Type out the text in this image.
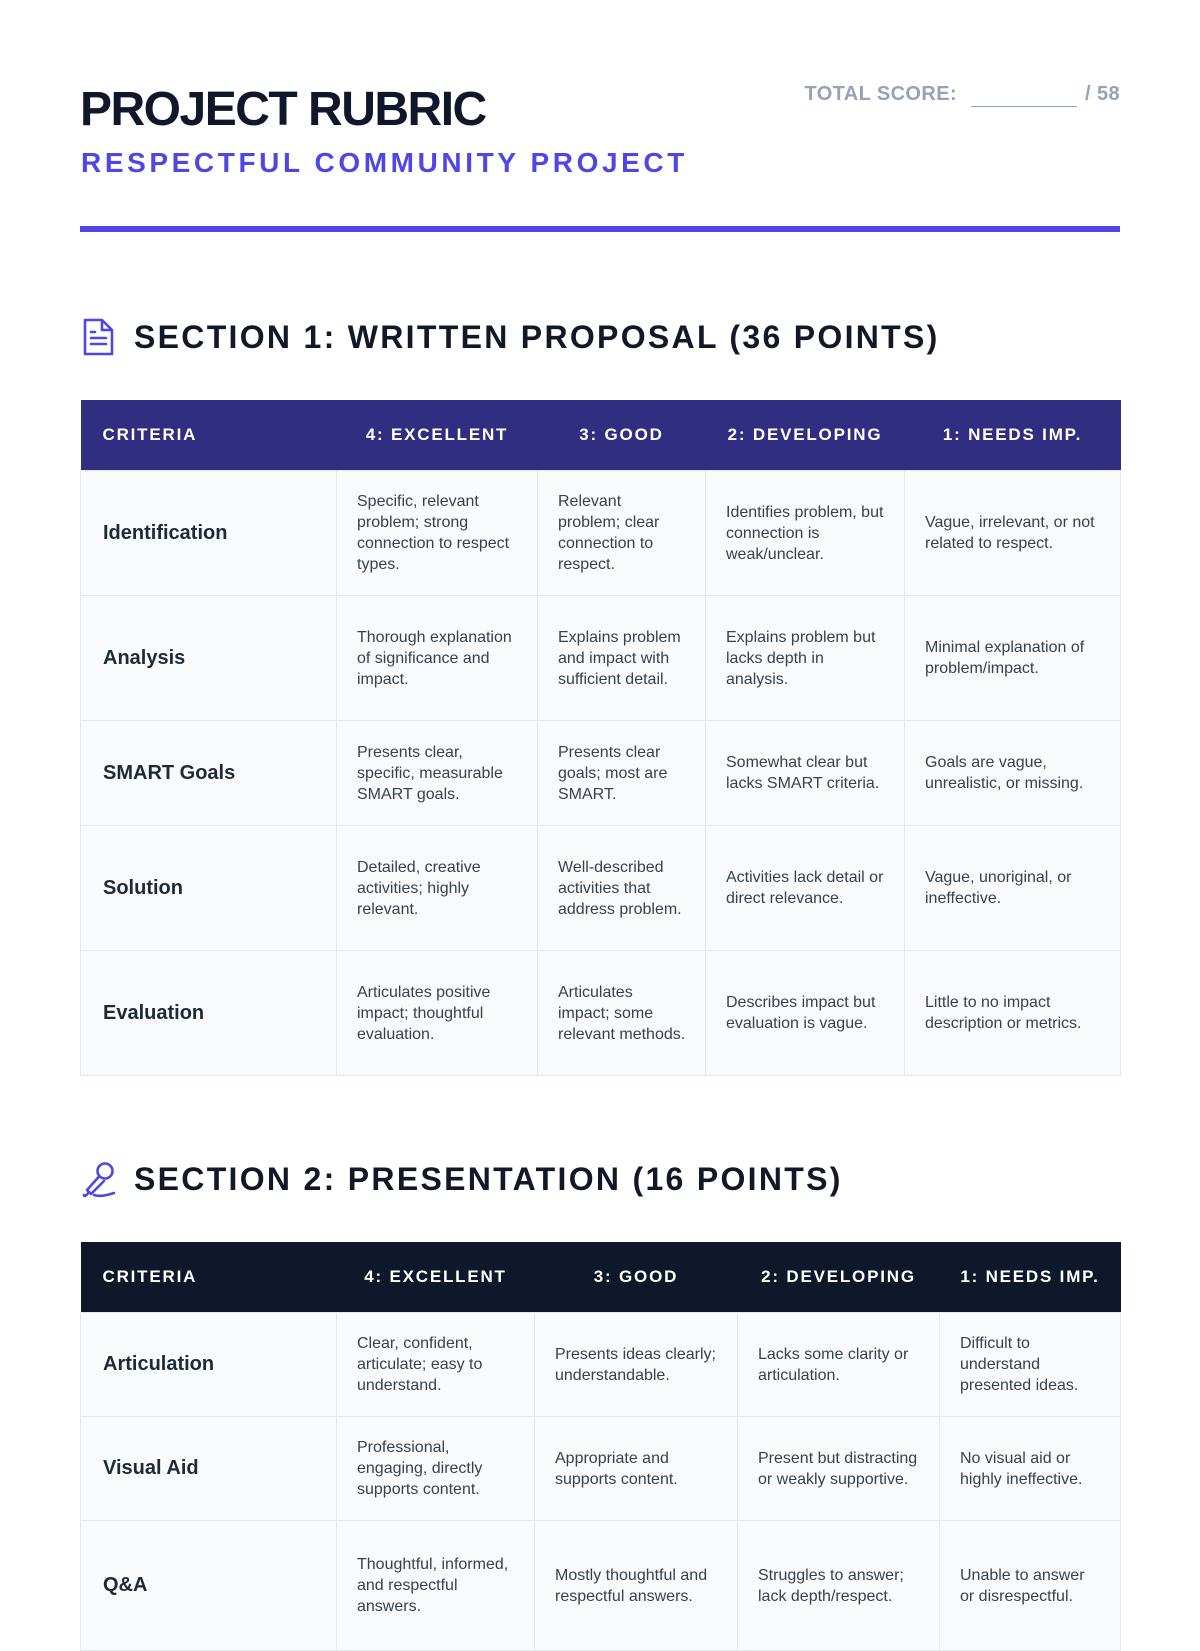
PROJECT RUBRIC
RESPECTFUL COMMUNITY PROJECT
TOTAL SCORE:	/ 58
SECTION 1: WRITTEN PROPOSAL (36 POINTS)
CRITERIA	4: EXCELLENT	3: GOOD	2: DEVELOPING	1: NEEDS IMP.
Identification	Specific, relevant problem; strong connection to respect types.	Relevant problem; clear connection to respect.	Identifies problem, but connection is weak/unclear.	Vague, irrelevant, or not related to respect.
Analysis	Thorough explanation of significance and impact.	Explains problem and impact with sufficient detail.	Explains problem but lacks depth in analysis.	Minimal explanation of problem/impact.
SMART Goals	Presents clear, specific, measurable SMART goals.	Presents clear goals; most are SMART.	Somewhat clear but lacks SMART criteria.	Goals are vague, unrealistic, or missing.
Solution	Detailed, creative activities; highly relevant.	Well-described activities that address problem.	Activities lack detail or direct relevance.	Vague, unoriginal, or ineffective.
Evaluation	Articulates positive impact; thoughtful evaluation.	Articulates impact; some relevant methods.	Describes impact but evaluation is vague.	Little to no impact description or metrics.
SECTION 2: PRESENTATION (16 POINTS)
CRITERIA	4: EXCELLENT	3: GOOD	2: DEVELOPING	1: NEEDS IMP.
Articulation	Clear, confident, articulate; easy to understand.	Presents ideas clearly; understandable.	Lacks some clarity or articulation.	Difficult to understand presented ideas.
Visual Aid	Professional, engaging, directly supports content.	Appropriate and supports content.	Present but distracting or weakly supportive.	No visual aid or highly ineffective.
Q&A	Thoughtful, informed, and respectful answers.	Mostly thoughtful and respectful answers.	Struggles to answer; lack depth/respect.	Unable to answer or disrespectful.
